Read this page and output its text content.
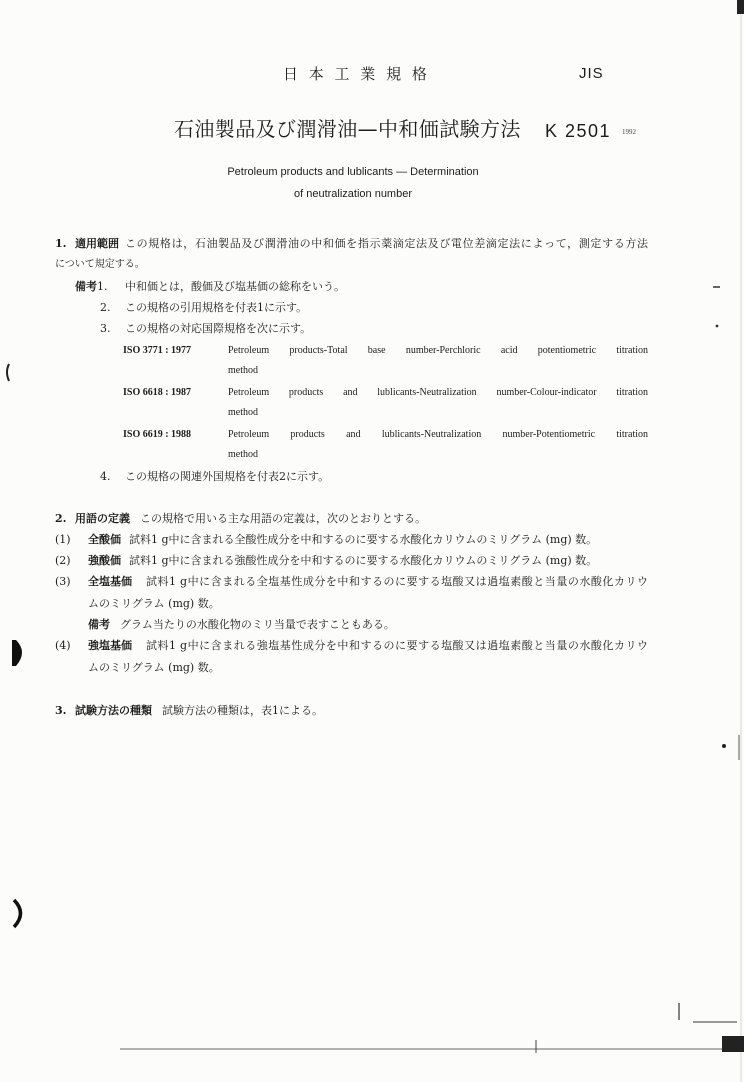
日 本 工 業 規 格	JIS
石油製品及び潤滑油—中和価試験方法 K 2501 1992
Petroleum products and lublicants — Determination
of neutralization number
1. 適用範囲 この規格は，石油製品及び潤滑油の中和価を指示薬滴定法及び電位差滴定法によって，測定する方法
について規定する。
備考1. 中和価とは，酸価及び塩基価の総称をいう。
2. この規格の引用規格を付表1に示す。
3. この規格の対応国際規格を次に示す。
ISO 3771 : 1977	Petroleum products-Total base number-Perchloric acid potentiometric titration
method
ISO 6618 : 1987	Petroleum products and lublicants-Neutralization number-Colour-indicator titration
method
ISO 6619 : 1988	Petroleum products and lublicants-Neutralization number-Potentiometric titration
method
4. この規格の関連外国規格を付表2に示す。
2. 用語の定義 この規格で用いる主な用語の定義は，次のとおりとする。
(1) 全酸価 試料1 g中に含まれる全酸性成分を中和するのに要する水酸化カリウムのミリグラム (mg) 数。
(2) 強酸価 試料1 g中に含まれる強酸性成分を中和するのに要する水酸化カリウムのミリグラム (mg) 数。
(3) 全塩基価 試料1 g中に含まれる全塩基性成分を中和するのに要する塩酸又は過塩素酸と当量の水酸化カリウ
ムのミリグラム (mg) 数。
備考 グラム当たりの水酸化物のミリ当量で表すこともある。
(4) 強塩基価 試料1 g中に含まれる強塩基性成分を中和するのに要する塩酸又は過塩素酸と当量の水酸化カリウ
ムのミリグラム (mg) 数。
3. 試験方法の種類 試験方法の種類は，表1による。
